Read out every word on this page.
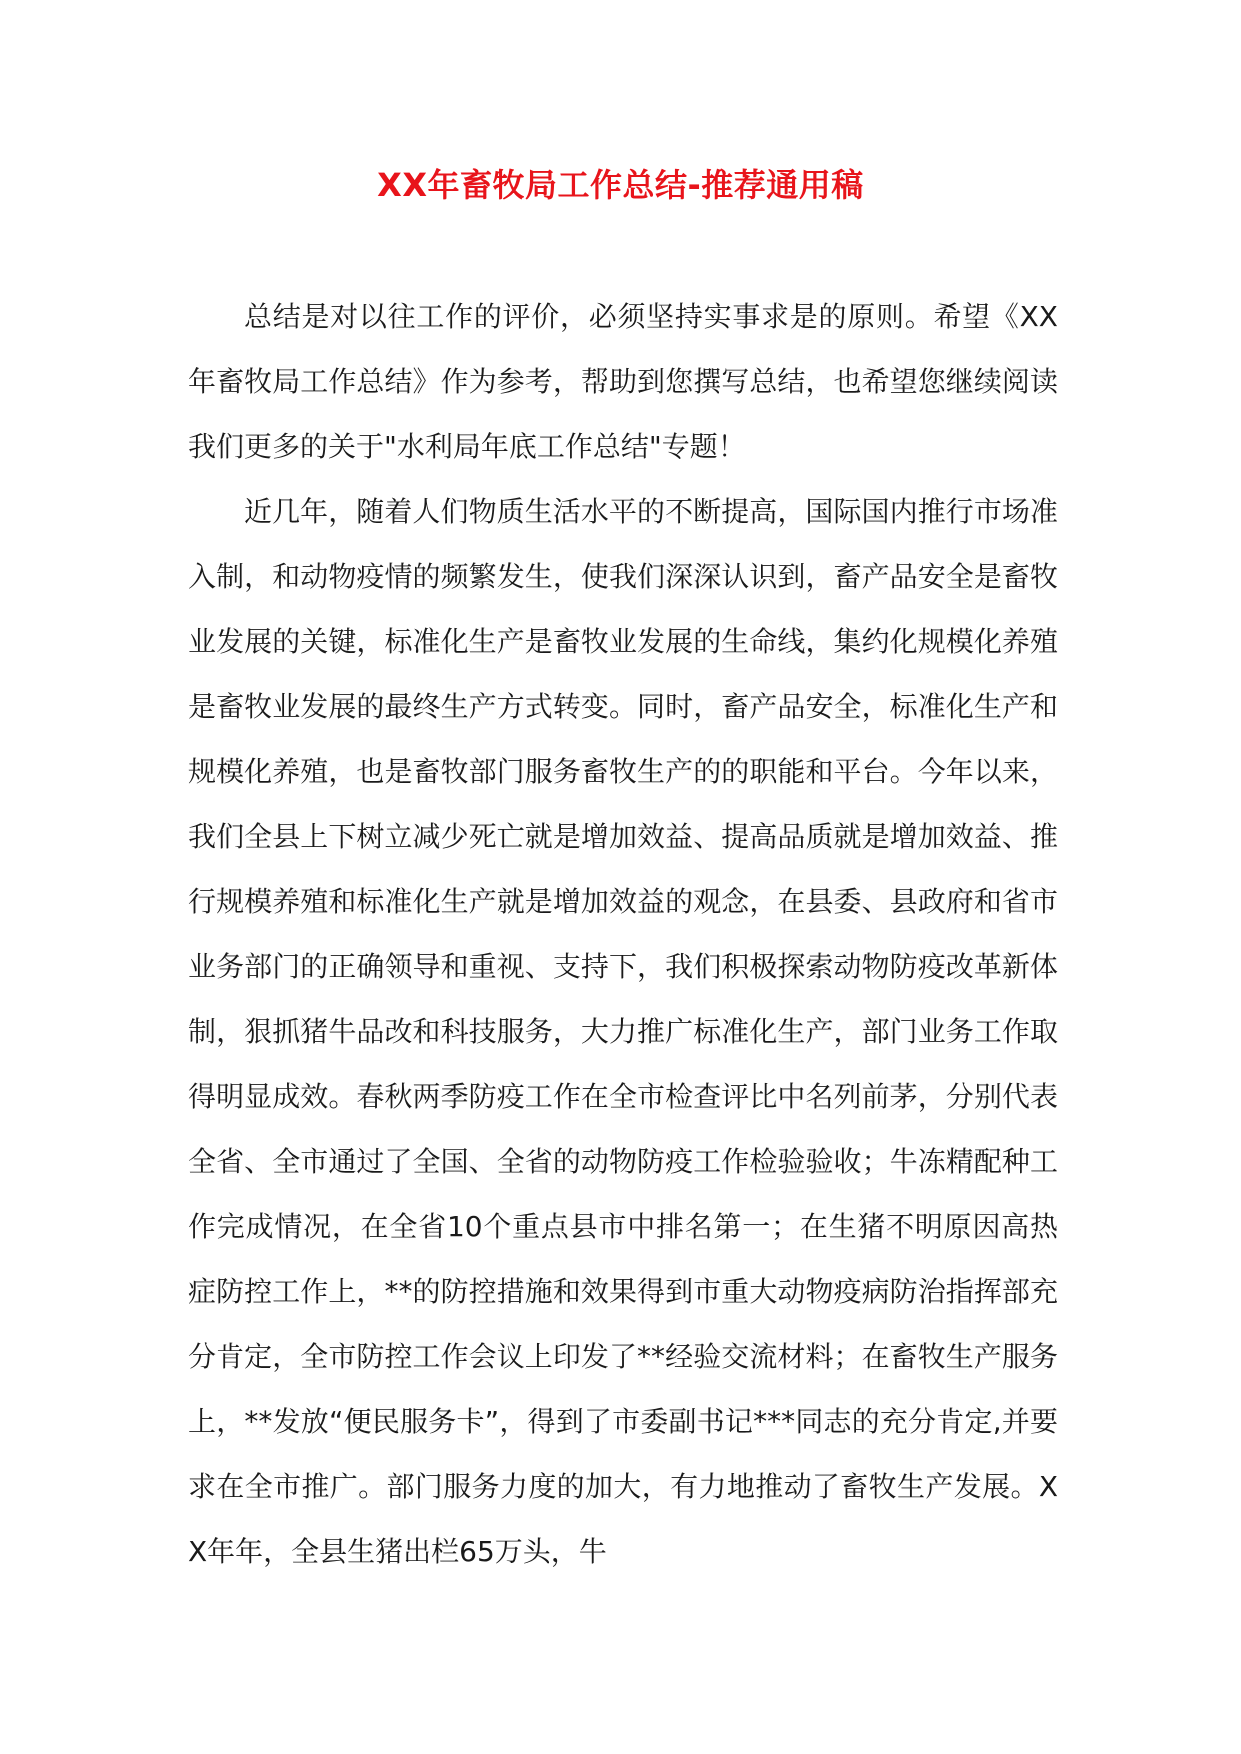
XX年畜牧局工作总结-推荐通用稿

总结是对以往工作的评价，必须坚持实事求是的原则。希望《XX年畜牧局工作总结》作为参考，帮助到您撰写总结，也希望您继续阅读我们更多的关于"水利局年底工作总结"专题！

近几年，随着人们物质生活水平的不断提高，国际国内推行市场准入制，和动物疫情的频繁发生，使我们深深认识到，畜产品安全是畜牧业发展的关键，标准化生产是畜牧业发展的生命线，集约化规模化养殖是畜牧业发展的最终生产方式转变。同时，畜产品安全，标准化生产和规模化养殖，也是畜牧部门服务畜牧生产的的职能和平台。今年以来，我们全县上下树立减少死亡就是增加效益、提高品质就是增加效益、推行规模养殖和标准化生产就是增加效益的观念，在县委、县政府和省市业务部门的正确领导和重视、支持下，我们积极探索动物防疫改革新体制，狠抓猪牛品改和科技服务，大力推广标准化生产，部门业务工作取得明显成效。春秋两季防疫工作在全市检查评比中名列前茅，分别代表全省、全市通过了全国、全省的动物防疫工作检验验收；牛冻精配种工作完成情况，在全省10个重点县市中排名第一；在生猪不明原因高热症防控工作上，**的防控措施和效果得到市重大动物疫病防治指挥部充分肯定，全市防控工作会议上印发了**经验交流材料；在畜牧生产服务上，**发放“便民服务卡”，得到了市委副书记***同志的充分肯定,并要求在全市推广。部门服务力度的加大，有力地推动了畜牧生产发展。XX年年，全县生猪出栏65万头，牛
